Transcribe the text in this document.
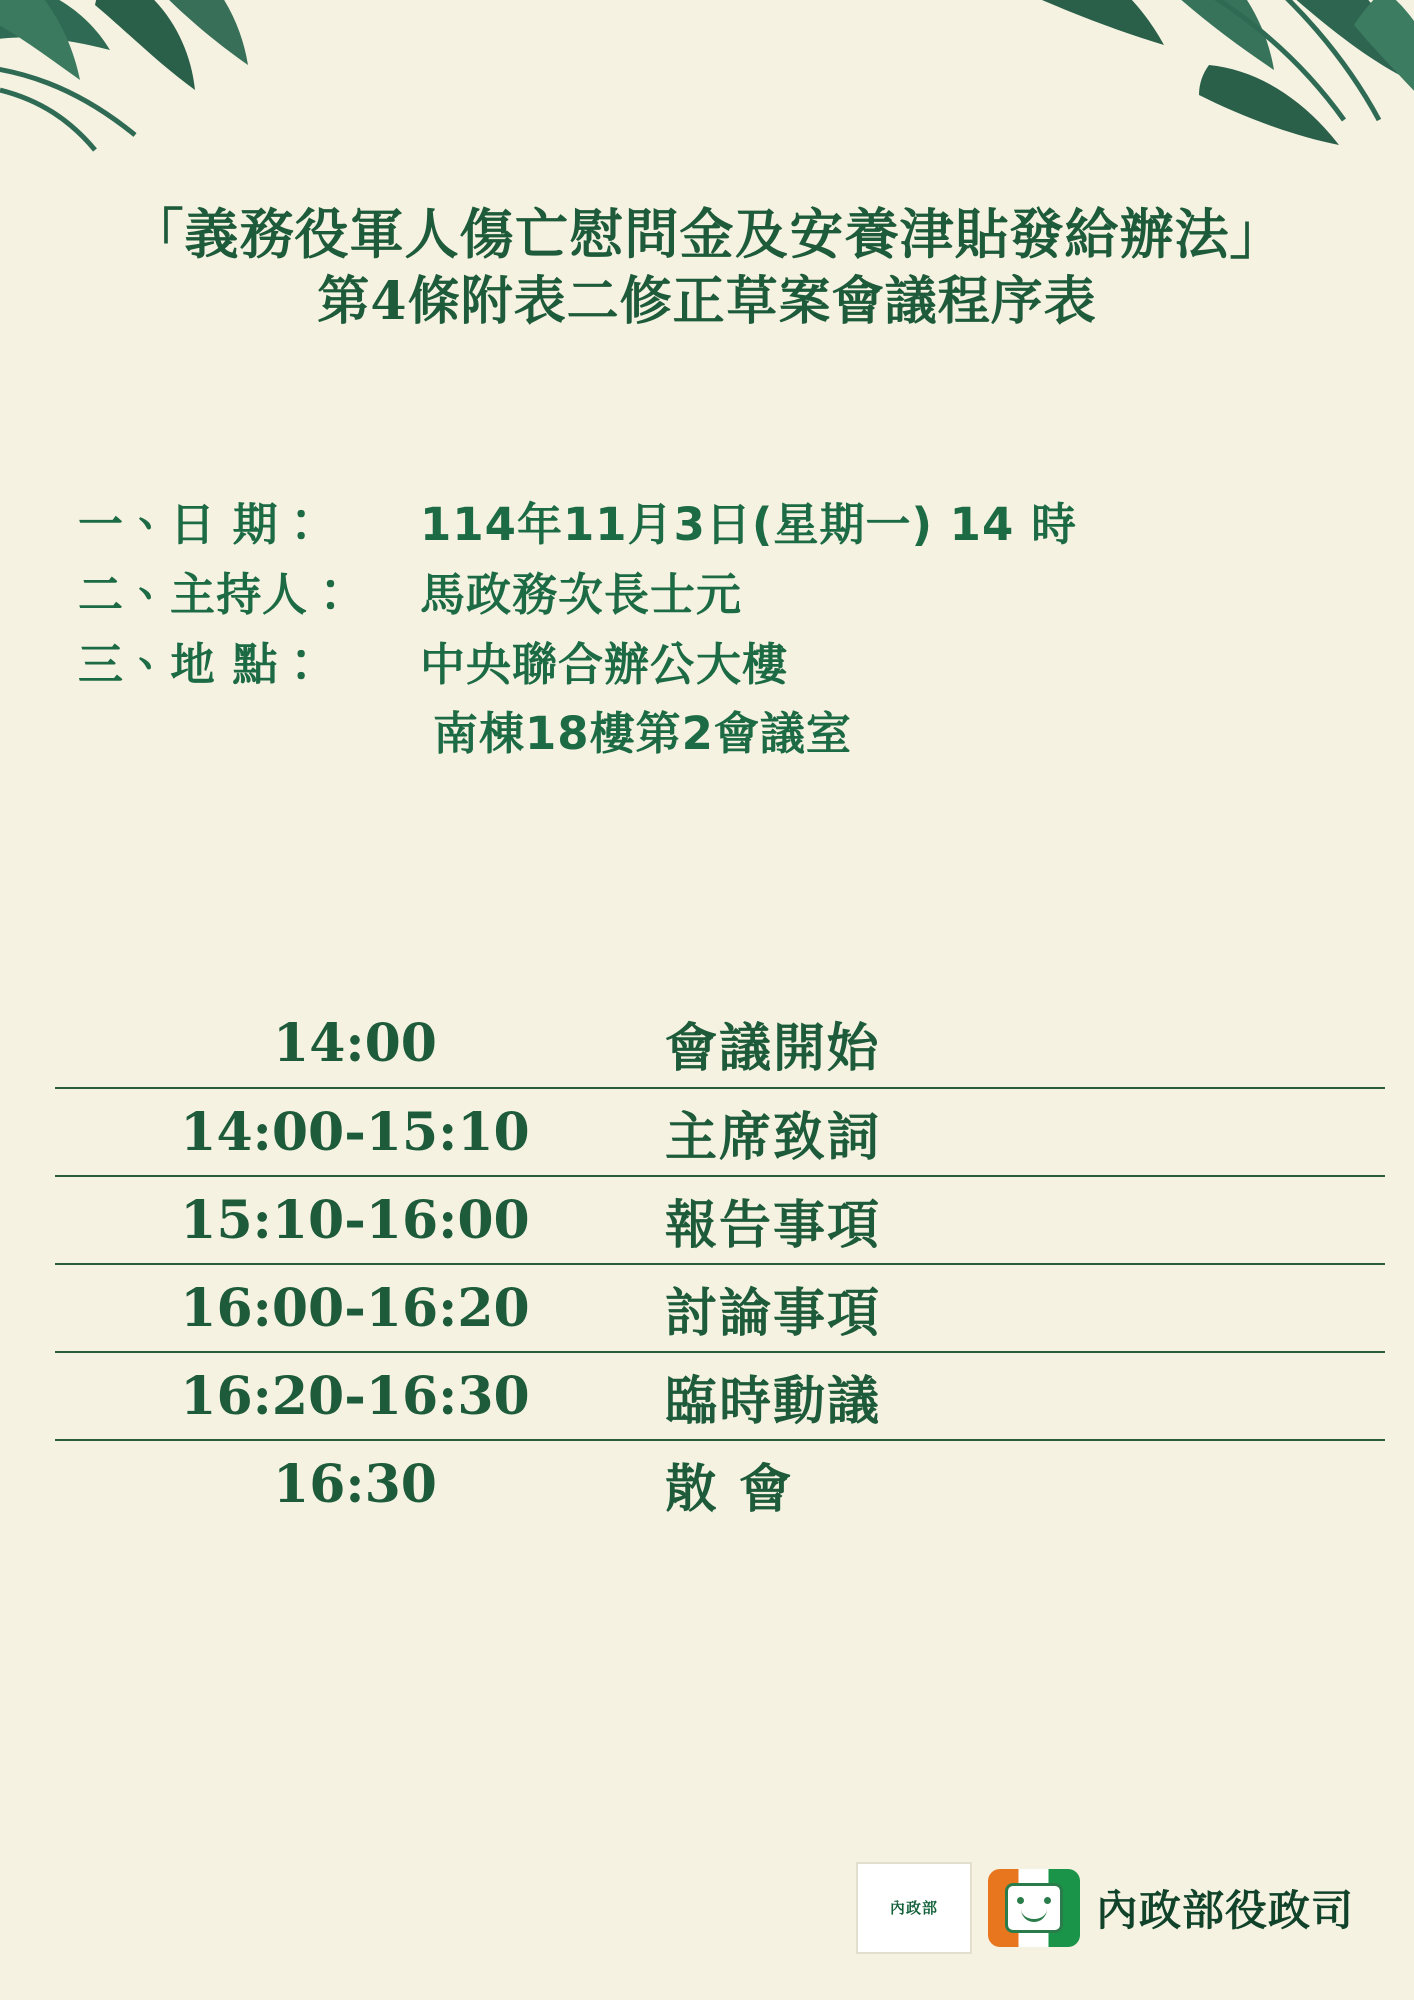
「義務役軍人傷亡慰問金及安養津貼發給辦法」
第4條附表二修正草案會議程序表
一、日 期： 114年11月3日(星期一) 14 時
二、主持人： 馬政務次長士元
三、地 點： 中央聯合辦公大樓
南棟18樓第2會議室
14:00	會議開始
14:00-15:10	主席致詞
15:10-16:00	報告事項
16:00-16:20	討論事項
16:20-16:30	臨時動議
16:30	散 會
內政部	內政部役政司
